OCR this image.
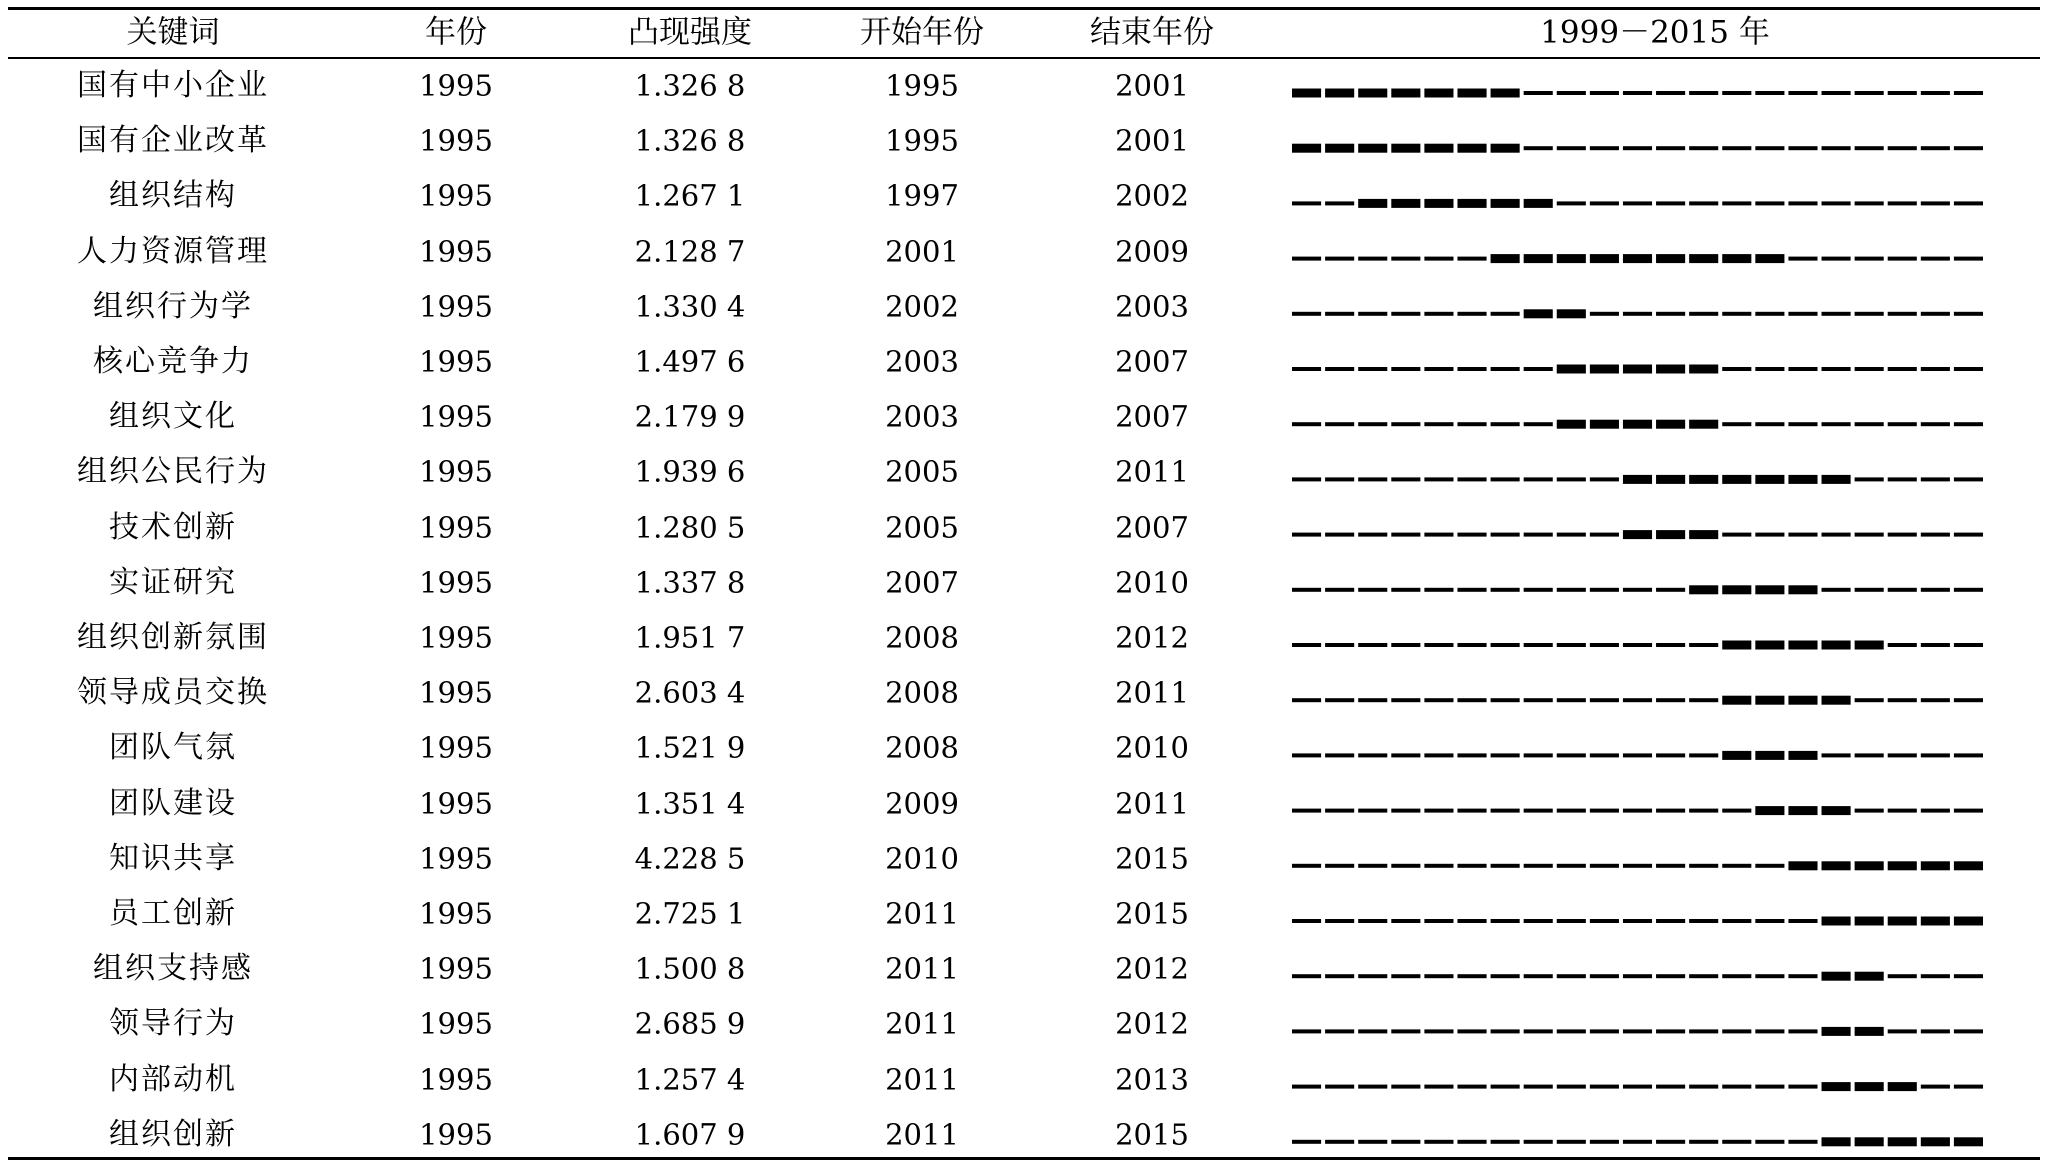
关键词	年份	凸现强度	开始年份	结束年份	1999－2015 年
国有中小企业	1995	1.326 8	1995	2001
国有企业改革	1995	1.326 8	1995	2001
组织结构	1995	1.267 1	1997	2002
人力资源管理	1995	2.128 7	2001	2009
组织行为学	1995	1.330 4	2002	2003
核心竞争力	1995	1.497 6	2003	2007
组织文化	1995	2.179 9	2003	2007
组织公民行为	1995	1.939 6	2005	2011
技术创新	1995	1.280 5	2005	2007
实证研究	1995	1.337 8	2007	2010
组织创新氛围	1995	1.951 7	2008	2012
领导成员交换	1995	2.603 4	2008	2011
团队气氛	1995	1.521 9	2008	2010
团队建设	1995	1.351 4	2009	2011
知识共享	1995	4.228 5	2010	2015
员工创新	1995	2.725 1	2011	2015
组织支持感	1995	1.500 8	2011	2012
领导行为	1995	2.685 9	2011	2012
内部动机	1995	1.257 4	2011	2013
组织创新	1995	1.607 9	2011	2015
